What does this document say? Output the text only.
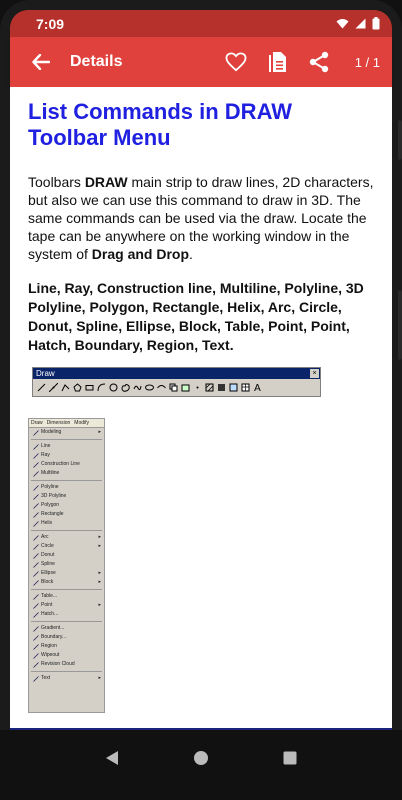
7:09
Details	1 / 1
List Commands in DRAW Toolbar Menu

Toolbars DRAW main strip to draw lines, 2D characters, but also we can use this command to draw in 3D. The same commands can be used via the draw. Locate the tape can be anywhere on the working window in the system of Drag and Drop.

Line, Ray, Construction line, Multiline, Polyline, 3D Polyline, Polygon, Rectangle, Helix, Arc, Circle, Donut, Spline, Ellipse, Block, Table, Point, Point, Hatch, Boundary, Region, Text.

Draw	×
A
Draw Dimension Modify
Modeling	▸
Line
Ray
Construction Line
Multiline
Polyline
3D Polyline
Polygon
Rectangle
Helix
Arc	▸
Circle	▸
Donut
Spline
Ellipse	▸
Block	▸
Table...
Point	▸
Hatch...
Gradient...
Boundary...
Region
Wipeout
Revision Cloud
Text	▸
